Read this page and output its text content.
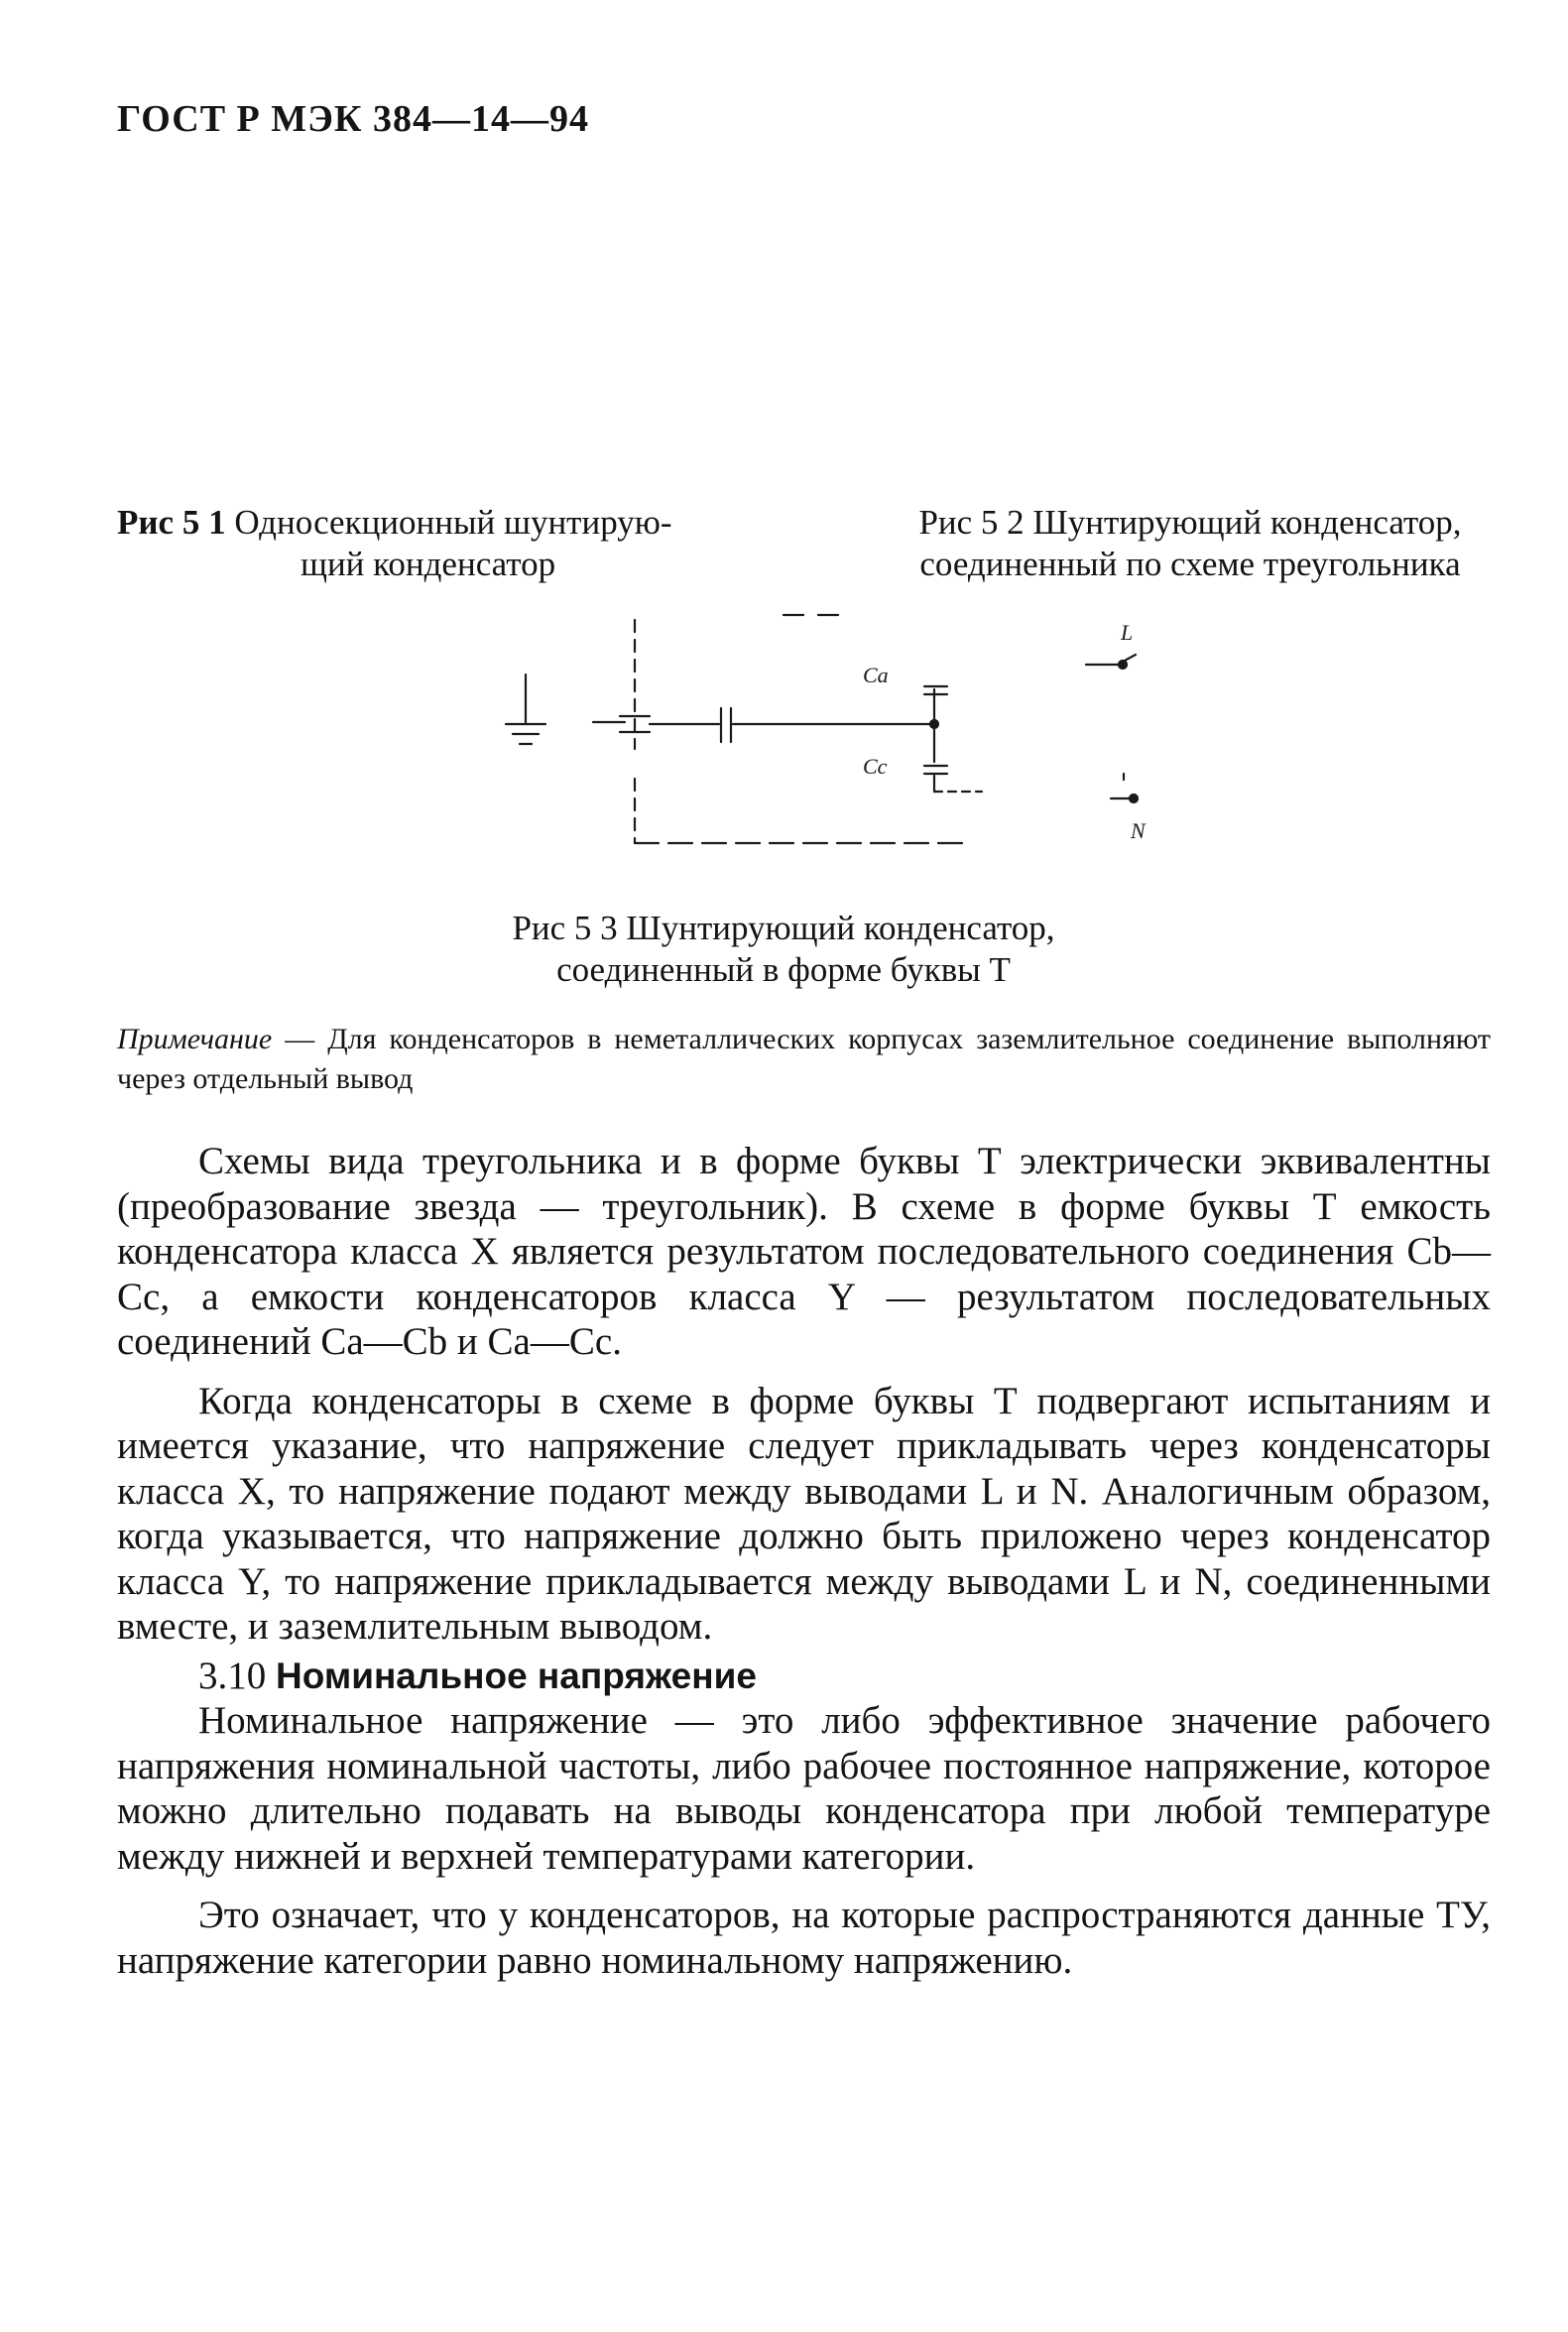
ГОСТ Р МЭК 384—14—94
Рис 5 1 Односекционный шунтирую-
щий конденсатор
Рис 5 2 Шунтирующий конденсатор,
соединенный по схеме треугольника
L
N
Ca
Cc
Рис 5 3 Шунтирующий конденсатор,
соединенный в форме буквы Т
Примечание — Для конденсаторов в неметаллических корпусах заземлительное соединение выполняют через отдельный вывод

Схемы вида треугольника и в форме буквы Т электрически эквивалентны (преобразование звезда — треугольник). В схеме в форме буквы Т емкость конденсатора класса X является результатом последовательного соединения Cb—Cc, а емкости конденсаторов класса Y — результатом последовательных соединений Ca—Cb и Ca—Cc.

Когда конденсаторы в схеме в форме буквы Т подвергают испытаниям и имеется указание, что напряжение следует прикладывать через конденсаторы класса X, то напряжение подают между выводами L и N. Аналогичным образом, когда указывается, что напряжение должно быть приложено через конденсатор класса Y, то напряжение прикладывается между выводами L и N, соединенными вместе, и заземлительным выводом.

3.10 Номинальное напряжение

Номинальное напряжение — это либо эффективное значение рабочего напряжения номинальной частоты, либо рабочее постоянное напряжение, которое можно длительно подавать на выводы конденсатора при любой температуре между нижней и верхней температурами категории.

Это означает, что у конденсаторов, на которые распространяются данные ТУ, напряжение категории равно номинальному напряжению.
